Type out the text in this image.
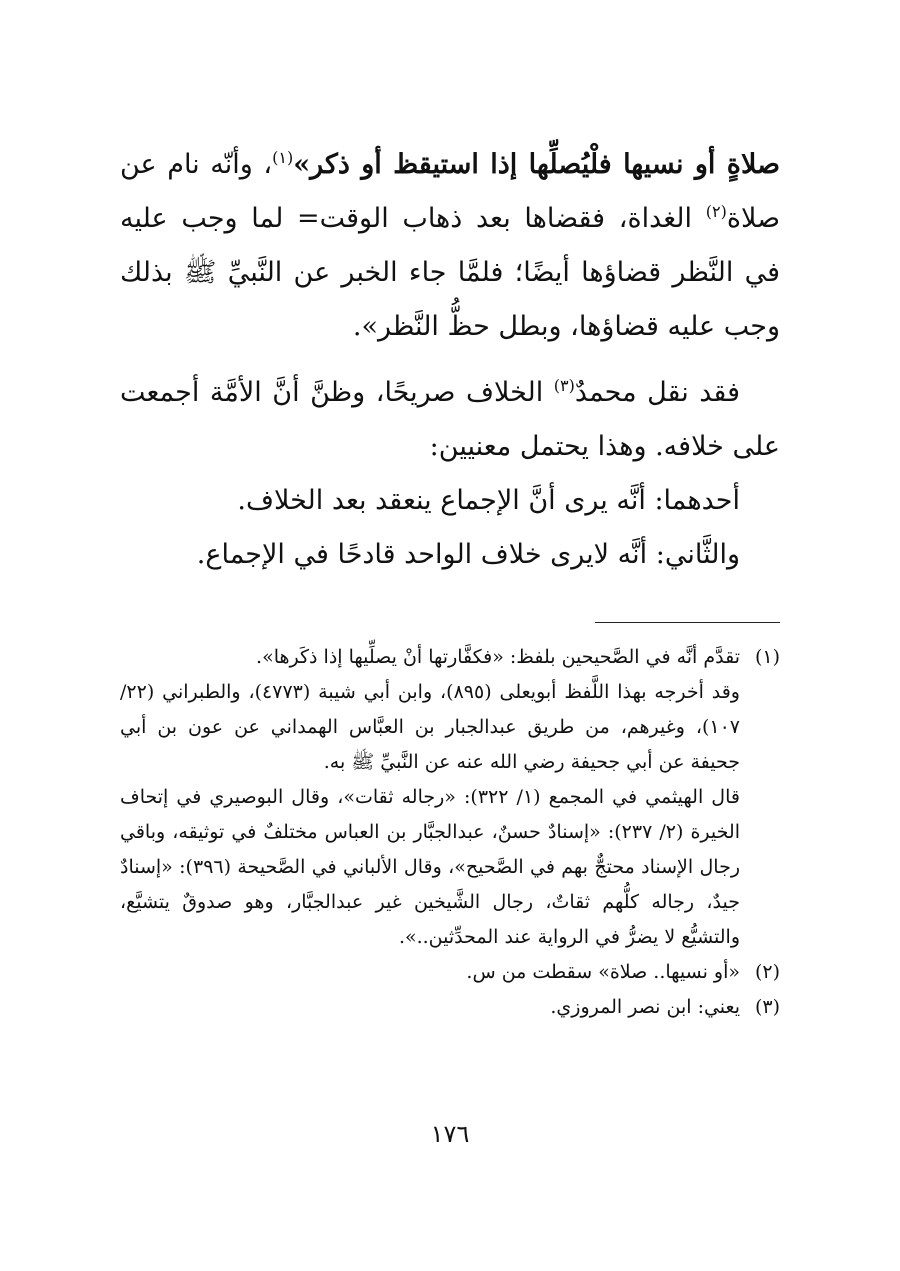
صلاةٍ أو نسيها فلْيُصلِّها إذا استيقظ أو ذكر»$^{(١)}$، وأنّه نام عن صلاة$^{(٢)}$ الغداة، فقضاها بعد ذهاب الوقت= لما وجب عليه في النَّظر قضاؤها أيضًا؛ فلمَّا جاء الخبر عن النَّبيِّ ﷺ بذلك وجب عليه قضاؤها، وبطل حظُّ النَّظر».

فقد نقل محمدٌ$^{(٣)}$ الخلاف صريحًا، وظنَّ أنَّ الأمَّة أجمعت على خلافه. وهذا يحتمل معنيين:

أحدهما: أنَّه يرى أنَّ الإجماع ينعقد بعد الخلاف.

والثَّاني: أنَّه لايرى خلاف الواحد قادحًا في الإجماع.

(١)

تقدَّم أنَّه في الصَّحيحين بلفظ: «فكفَّارتها أنْ يصلِّيها إذا ذكَرها».

وقد أخرجه بهذا اللَّفظ أبويعلى (٨٩٥)، وابن أبي شيبة (٤٧٧٣)، والطبراني (٢٢/ ١٠٧)، وغيرهم، من طريق عبدالجبار بن العبَّاس الهمداني عن عون بن أبي جحيفة عن أبي جحيفة رضي الله عنه عن النَّبيِّ ﷺ به.

قال الهيثمي في المجمع (١/ ٣٢٢): «رجاله ثقات»، وقال البوصيري في إتحاف الخيرة (٢/ ٢٣٧): «إسنادٌ حسنٌ، عبدالجبَّار بن العباس مختلفٌ في توثيقه، وباقي رجال الإسناد محتجٌّ بهم في الصَّحيح»، وقال الألباني في الصَّحيحة (٣٩٦): «إسنادٌ جيدٌ، رجاله كلُّهم ثقاتٌ، رجال الشَّيخين غير عبدالجبَّار، وهو صدوقٌ يتشيَّع، والتشيُّع لا يضرُّ في الرواية عند المحدِّثين..».

(٢)

«أو نسيها.. صلاة» سقطت من س.

(٣)

يعني: ابن نصر المروزي.

١٧٦
